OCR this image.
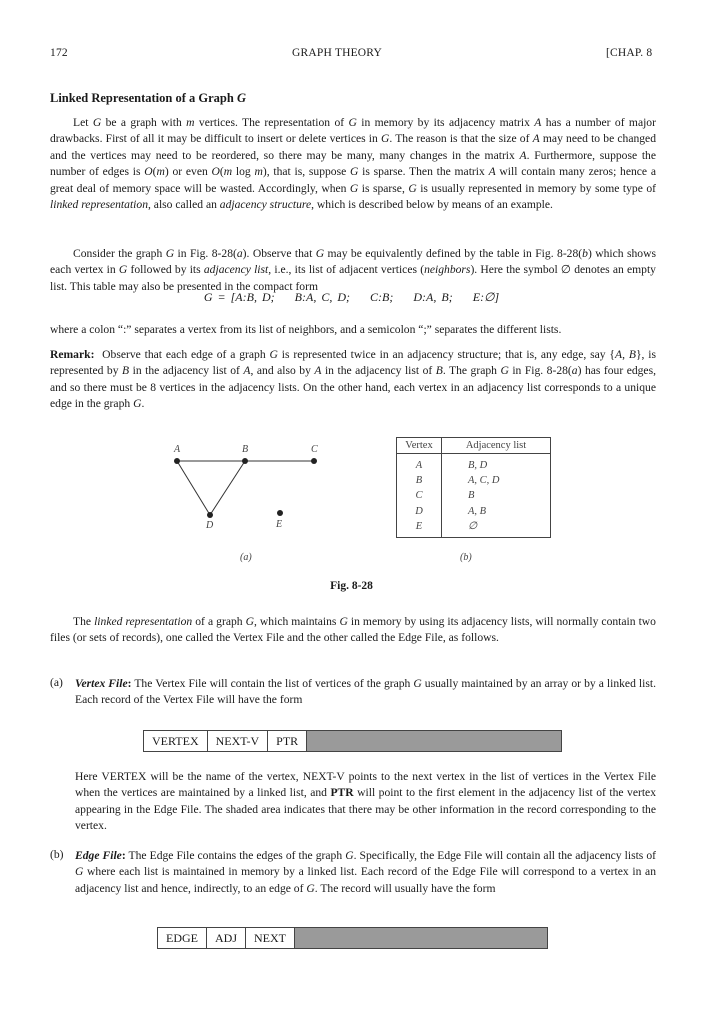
172	GRAPH THEORY	[CHAP. 8
Linked Representation of a Graph G

Let G be a graph with m vertices. The representation of G in memory by its adjacency matrix A has a number of major drawbacks. First of all it may be difficult to insert or delete vertices in G. The reason is that the size of A may need to be changed and the vertices may need to be reordered, so there may be many, many changes in the matrix A. Furthermore, suppose the number of edges is O(m) or even O(m log m), that is, suppose G is sparse. Then the matrix A will contain many zeros; hence a great deal of memory space will be wasted. Accordingly, when G is sparse, G is usually represented in memory by some type of linked representation, also called an adjacency structure, which is described below by means of an example.

Consider the graph G in Fig. 8-28(a). Observe that G may be equivalently defined by the table in Fig. 8-28(b) which shows each vertex in G followed by its adjacency list, i.e., its list of adjacent vertices (neighbors). Here the symbol ∅ denotes an empty list. This table may also be presented in the compact form

G = [A:B, D;    B:A, C, D;    C:B;    D:A, B;    E:∅]

where a colon “:” separates a vertex from its list of neighbors, and a semicolon “;” separates the different lists.

Remark:  Observe that each edge of a graph G is represented twice in an adjacency structure; that is, any edge, say {A, B}, is represented by B in the adjacency list of A, and also by A in the adjacency list of B. The graph G in Fig. 8-28(a) has four edges, and so there must be 8 vertices in the adjacency lists. On the other hand, each vertex in an adjacency list corresponds to a unique edge in the graph G.

A	B	C
D	E
(a)
Vertex	Adjacency list
A	B, D
B	A, C, D
C	B
D	A, B
E	∅
(b)
Fig. 8-28

The linked representation of a graph G, which maintains G in memory by using its adjacency lists, will normally contain two files (or sets of records), one called the Vertex File and the other called the Edge File, as follows.

(a) Vertex File: The Vertex File will contain the list of vertices of the graph G usually maintained by an array or by a linked list. Each record of the Vertex File will have the form

VERTEX	NEXT-V	PTR

Here VERTEX will be the name of the vertex, NEXT-V points to the next vertex in the list of vertices in the Vertex File when the vertices are maintained by a linked list, and PTR will point to the first element in the adjacency list of the vertex appearing in the Edge File. The shaded area indicates that there may be other information in the record corresponding to the vertex.

(b) Edge File: The Edge File contains the edges of the graph G. Specifically, the Edge File will contain all the adjacency lists of G where each list is maintained in memory by a linked list. Each record of the Edge File will correspond to a vertex in an adjacency list and hence, indirectly, to an edge of G. The record will usually have the form

EDGE	ADJ	NEXT
